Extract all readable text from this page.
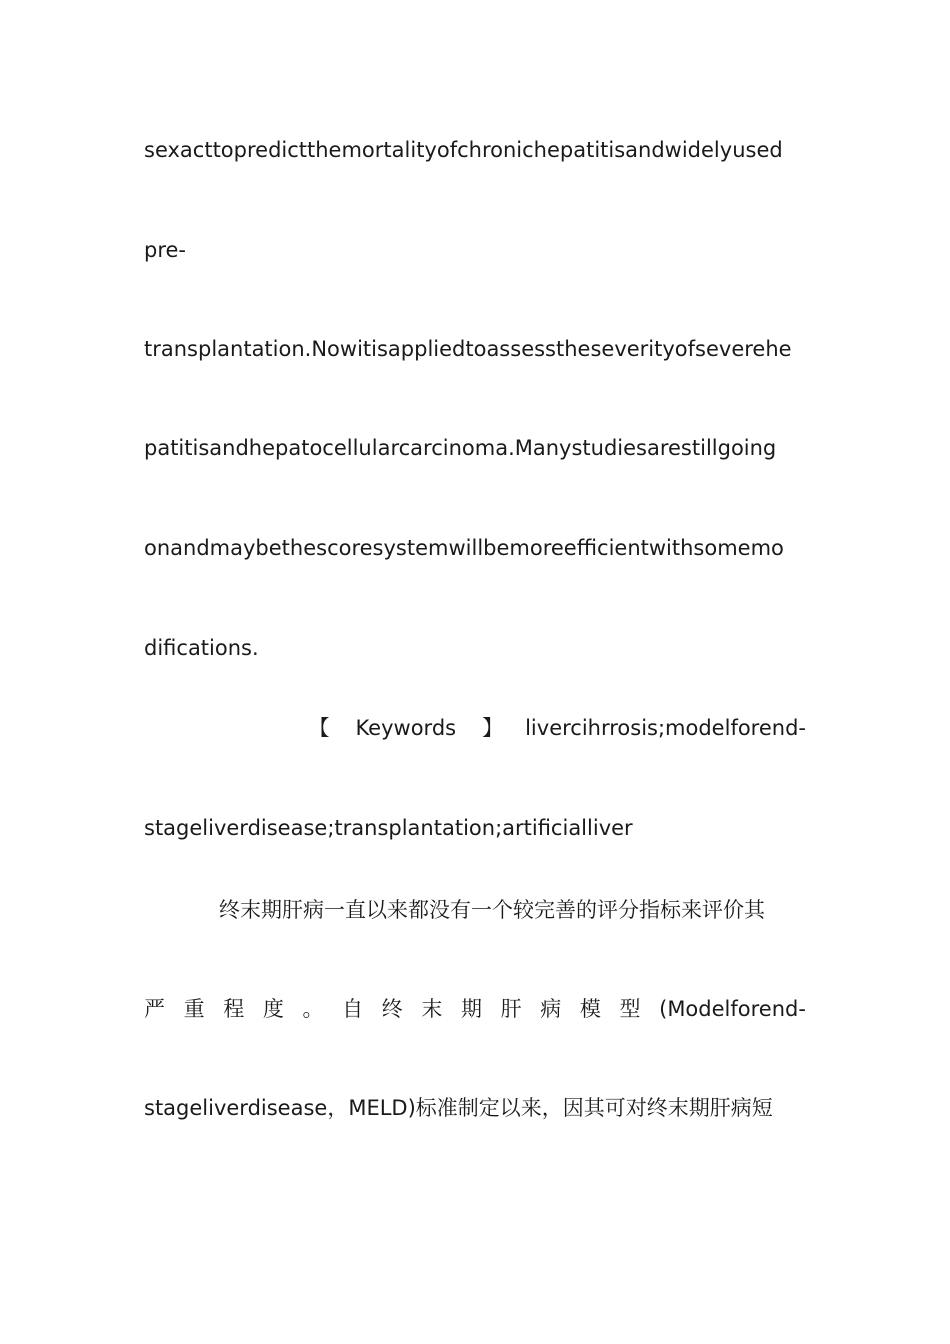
sexacttopredictthemortalityofchronichepatitisandwidelyused
pre-
transplantation.Nowitisappliedtoassesstheseverityofseverehe
patitisandhepatocellularcarcinoma.Manystudiesarestillgoing
onandmaybethescoresystemwillbemoreefficientwithsomemo
difications.
【	Keywords	】 livercihrrosis;modelforend-
stageliverdisease;transplantation;artificialliver
终末期肝病一直以来都没有一个较完善的评分指标来评价其
严 重 程 度 。 自 终 末 期 肝 病 模 型 (Modelforend-
stageliverdisease，MELD)标准制定以来，因其可对终末期肝病短
